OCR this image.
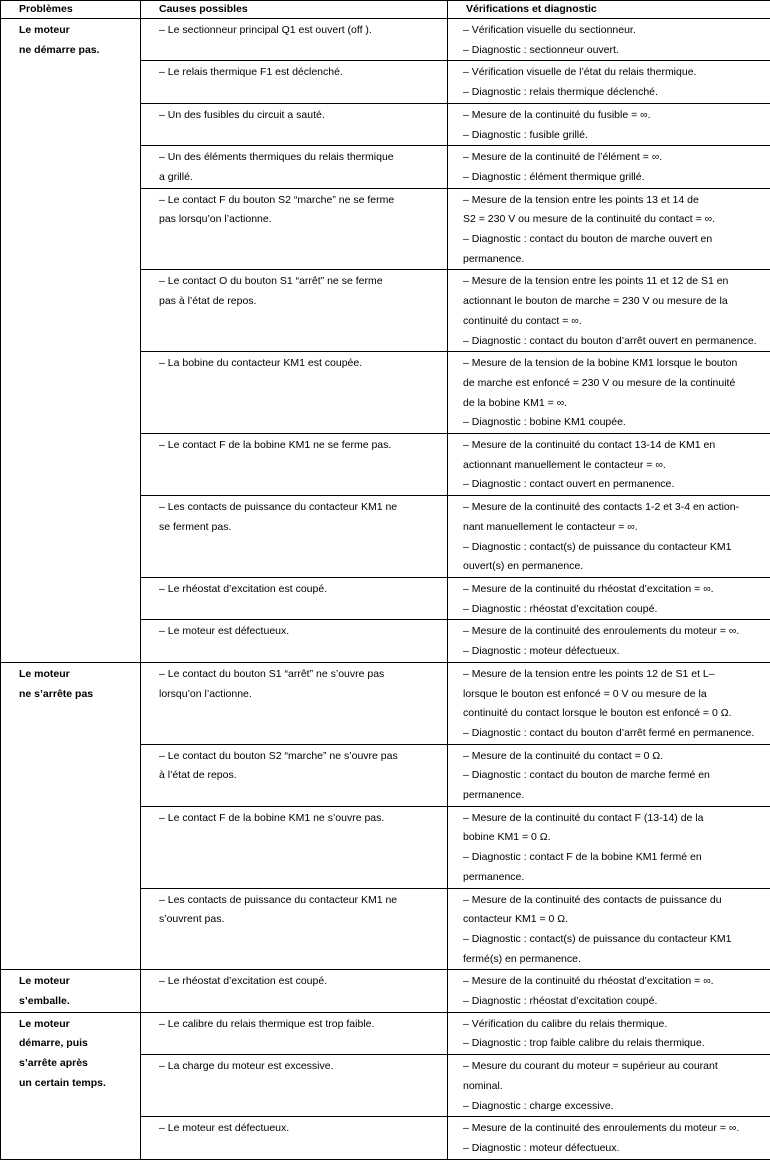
Problèmes	Causes possibles	Vérifications et diagnostic

Le moteur
ne démarre pas.	– Le sectionneur principal Q1 est ouvert (off ).	– Vérification visuelle du sectionneur.
– Diagnostic : sectionneur ouvert.

	– Le relais thermique F1 est déclenché.	– Vérification visuelle de l’état du relais thermique.
– Diagnostic : relais thermique déclenché.

	– Un des fusibles du circuit a sauté.	– Mesure de la continuité du fusible = ∞.
– Diagnostic : fusible grillé.

	– Un des éléments thermiques du relais thermique
a grillé.	– Mesure de la continuité de l’élément = ∞.
– Diagnostic : élément thermique grillé.

	– Le contact F du bouton S2 “marche” ne se ferme
pas lorsqu’on l’actionne.	– Mesure de la tension entre les points 13 et 14 de
S2 = 230 V ou mesure de la continuité du contact = ∞.
– Diagnostic : contact du bouton de marche ouvert en
permanence.

	– Le contact O du bouton S1 “arrêt” ne se ferme
pas à l’état de repos.	– Mesure de la tension entre les points 11 et 12 de S1 en
actionnant le bouton de marche = 230 V ou mesure de la
continuité du contact = ∞.
– Diagnostic : contact du bouton d’arrêt ouvert en permanence.

	– La bobine du contacteur KM1 est coupée.	– Mesure de la tension de la bobine KM1 lorsque le bouton
de marche est enfoncé = 230 V ou mesure de la continuité
de la bobine KM1 = ∞.
– Diagnostic : bobine KM1 coupée.

	– Le contact F de la bobine KM1 ne se ferme pas.	– Mesure de la continuité du contact 13-14 de KM1 en
actionnant manuellement le contacteur = ∞.
– Diagnostic : contact ouvert en permanence.

	– Les contacts de puissance du contacteur KM1 ne
se ferment pas.	– Mesure de la continuité des contacts 1-2 et 3-4 en action-
nant manuellement le contacteur = ∞.
– Diagnostic : contact(s) de puissance du contacteur KM1
ouvert(s) en permanence.

	– Le rhéostat d’excitation est coupé.	– Mesure de la continuité du rhéostat d’excitation = ∞.
– Diagnostic : rhéostat d’excitation coupé.

	– Le moteur est défectueux.	– Mesure de la continuité des enroulements du moteur = ∞.
– Diagnostic : moteur défectueux.

Le moteur
ne s’arrête pas	– Le contact du bouton S1 “arrêt” ne s’ouvre pas
lorsqu’on l’actionne.	– Mesure de la tension entre les points 12 de S1 et L–
lorsque le bouton est enfoncé = 0 V ou mesure de la
continuité du contact lorsque le bouton est enfoncé = 0 Ω.
– Diagnostic : contact du bouton d’arrêt fermé en permanence.

	– Le contact du bouton S2 “marche” ne s’ouvre pas
à l’état de repos.	– Mesure de la continuité du contact = 0 Ω.
– Diagnostic : contact du bouton de marche fermé en
permanence.

	– Le contact F de la bobine KM1 ne s’ouvre pas.	– Mesure de la continuité du contact F (13-14) de la
bobine KM1 = 0 Ω.
– Diagnostic : contact F de la bobine KM1 fermé en
permanence.

	– Les contacts de puissance du contacteur KM1 ne
s’ouvrent pas.	– Mesure de la continuité des contacts de puissance du
contacteur KM1 = 0 Ω.
– Diagnostic : contact(s) de puissance du contacteur KM1
fermé(s) en permanence.

Le moteur
s’emballe.	– Le rhéostat d’excitation est coupé.	– Mesure de la continuité du rhéostat d’excitation = ∞.
– Diagnostic : rhéostat d’excitation coupé.

Le moteur
démarre, puis
s’arrête après
un certain temps.	– Le calibre du relais thermique est trop faible.	– Vérification du calibre du relais thermique.
– Diagnostic : trop faible calibre du relais thermique.

	– La charge du moteur est excessive.	– Mesure du courant du moteur = supérieur au courant
nominal.
– Diagnostic : charge excessive.

	– Le moteur est défectueux.	– Mesure de la continuité des enroulements du moteur = ∞.
– Diagnostic : moteur défectueux.
